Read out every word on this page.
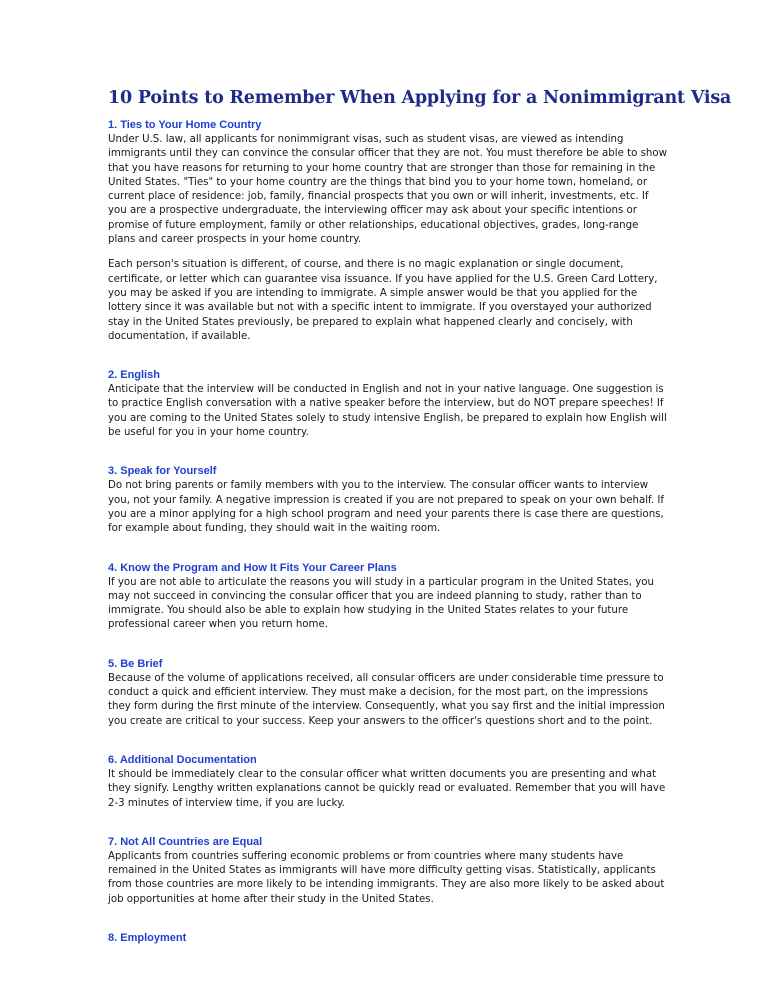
10 Points to Remember When Applying for a Nonimmigrant Visa
1. Ties to Your Home Country

Under U.S. law, all applicants for nonimmigrant visas, such as student visas, are viewed as intending immigrants until they can convince the consular officer that they are not. You must therefore be able to show that you have reasons for returning to your home country that are stronger than those for remaining in the United States. "Ties" to your home country are the things that bind you to your home town, homeland, or current place of residence: job, family, financial prospects that you own or will inherit, investments, etc. If you are a prospective undergraduate, the interviewing officer may ask about your specific intentions or promise of future employment, family or other relationships, educational objectives, grades, long-range plans and career prospects in your home country.

Each person's situation is different, of course, and there is no magic explanation or single document, certificate, or letter which can guarantee visa issuance. If you have applied for the U.S. Green Card Lottery, you may be asked if you are intending to immigrate. A simple answer would be that you applied for the lottery since it was available but not with a specific intent to immigrate. If you overstayed your authorized stay in the United States previously, be prepared to explain what happened clearly and concisely, with documentation, if available.

2. English

Anticipate that the interview will be conducted in English and not in your native language. One suggestion is to practice English conversation with a native speaker before the interview, but do NOT prepare speeches! If you are coming to the United States solely to study intensive English, be prepared to explain how English will be useful for you in your home country.

3. Speak for Yourself

Do not bring parents or family members with you to the interview. The consular officer wants to interview you, not your family. A negative impression is created if you are not prepared to speak on your own behalf. If you are a minor applying for a high school program and need your parents there is case there are questions, for example about funding, they should wait in the waiting room.

4. Know the Program and How It Fits Your Career Plans

If you are not able to articulate the reasons you will study in a particular program in the United States, you may not succeed in convincing the consular officer that you are indeed planning to study, rather than to immigrate. You should also be able to explain how studying in the United States relates to your future professional career when you return home.

5. Be Brief

Because of the volume of applications received, all consular officers are under considerable time pressure to conduct a quick and efficient interview. They must make a decision, for the most part, on the impressions they form during the first minute of the interview. Consequently, what you say first and the initial impression you create are critical to your success. Keep your answers to the officer's questions short and to the point.

6. Additional Documentation

It should be immediately clear to the consular officer what written documents you are presenting and what they signify. Lengthy written explanations cannot be quickly read or evaluated. Remember that you will have 2-3 minutes of interview time, if you are lucky.

7. Not All Countries are Equal

Applicants from countries suffering economic problems or from countries where many students have remained in the United States as immigrants will have more difficulty getting visas. Statistically, applicants from those countries are more likely to be intending immigrants. They are also more likely to be asked about job opportunities at home after their study in the United States.

8. Employment
